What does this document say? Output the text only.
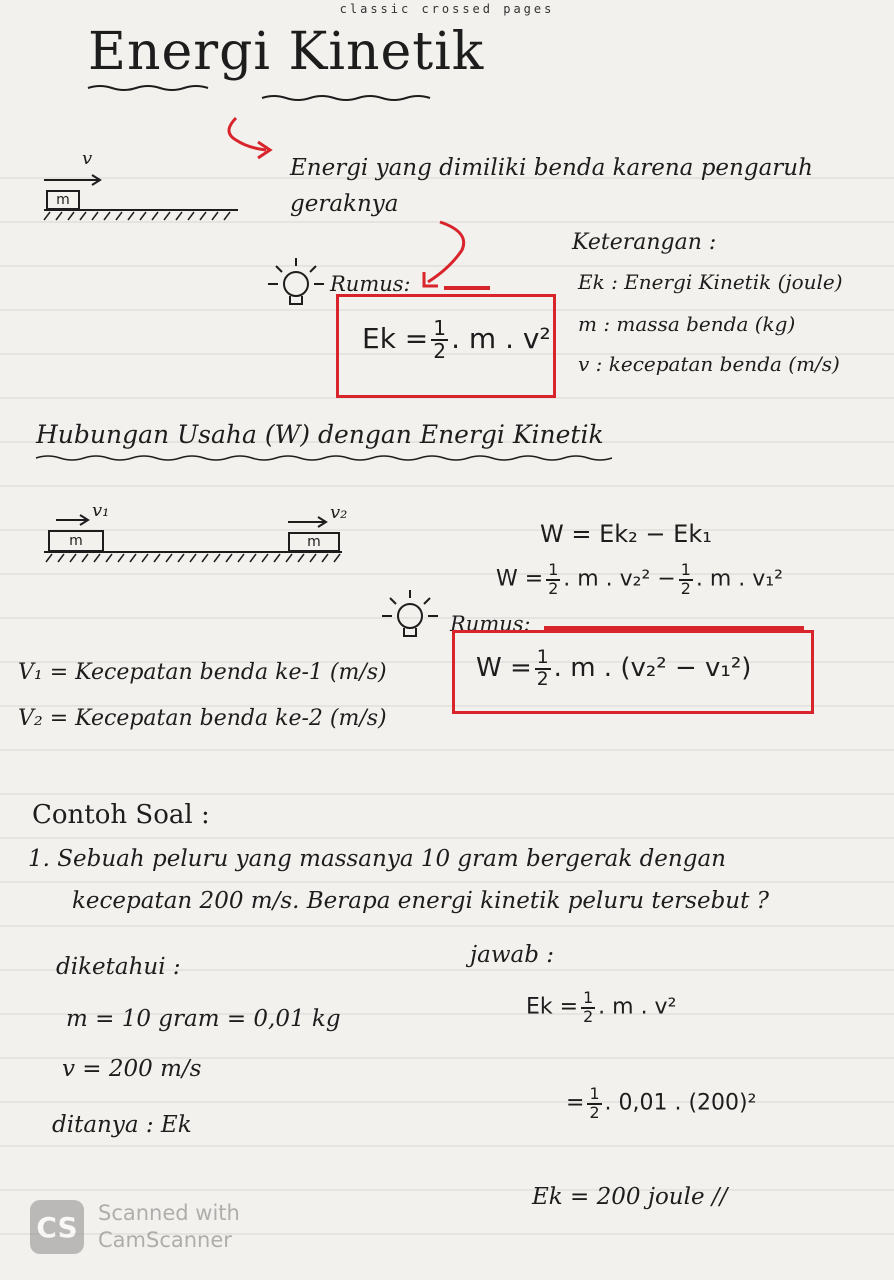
classic crossed pages
Energi Kinetik
Energi yang dimiliki benda karena pengaruh
geraknya
v
m
Rumus:
$Ek = \frac{1}{2}$ . m . v²
Keterangan :
Ek : Energi Kinetik (joule)
m : massa benda (kg)
v : kecepatan benda (m/s)
Hubungan Usaha (W) dengan Energi Kinetik
v₁	v₂
m	m	W = Ek₂ − Ek₁
$W = \frac{1}{2}$ . m . $v_2^2 - \frac{1}{2}$ . m . v₁²
Rumus:
$W = \frac{1}{2}$ . m . (v₂² − v₁²)
V₁ = Kecepatan benda ke-1 (m/s)
V₂ = Kecepatan benda ke-2 (m/s)
Contoh Soal :
1. Sebuah peluru yang massanya 10 gram bergerak dengan
kecepatan 200 m/s. Berapa energi kinetik peluru tersebut ?
diketahui :
m = 10 gram = 0,01 kg
v = 200 m/s
ditanya : Ek
jawab :
$Ek = \frac{1}{2}$ . m . v²
= $\frac{1}{2}$ . 0,01 . (200)²
Ek = 200 joule //
CS Scanned with
CamScanner
